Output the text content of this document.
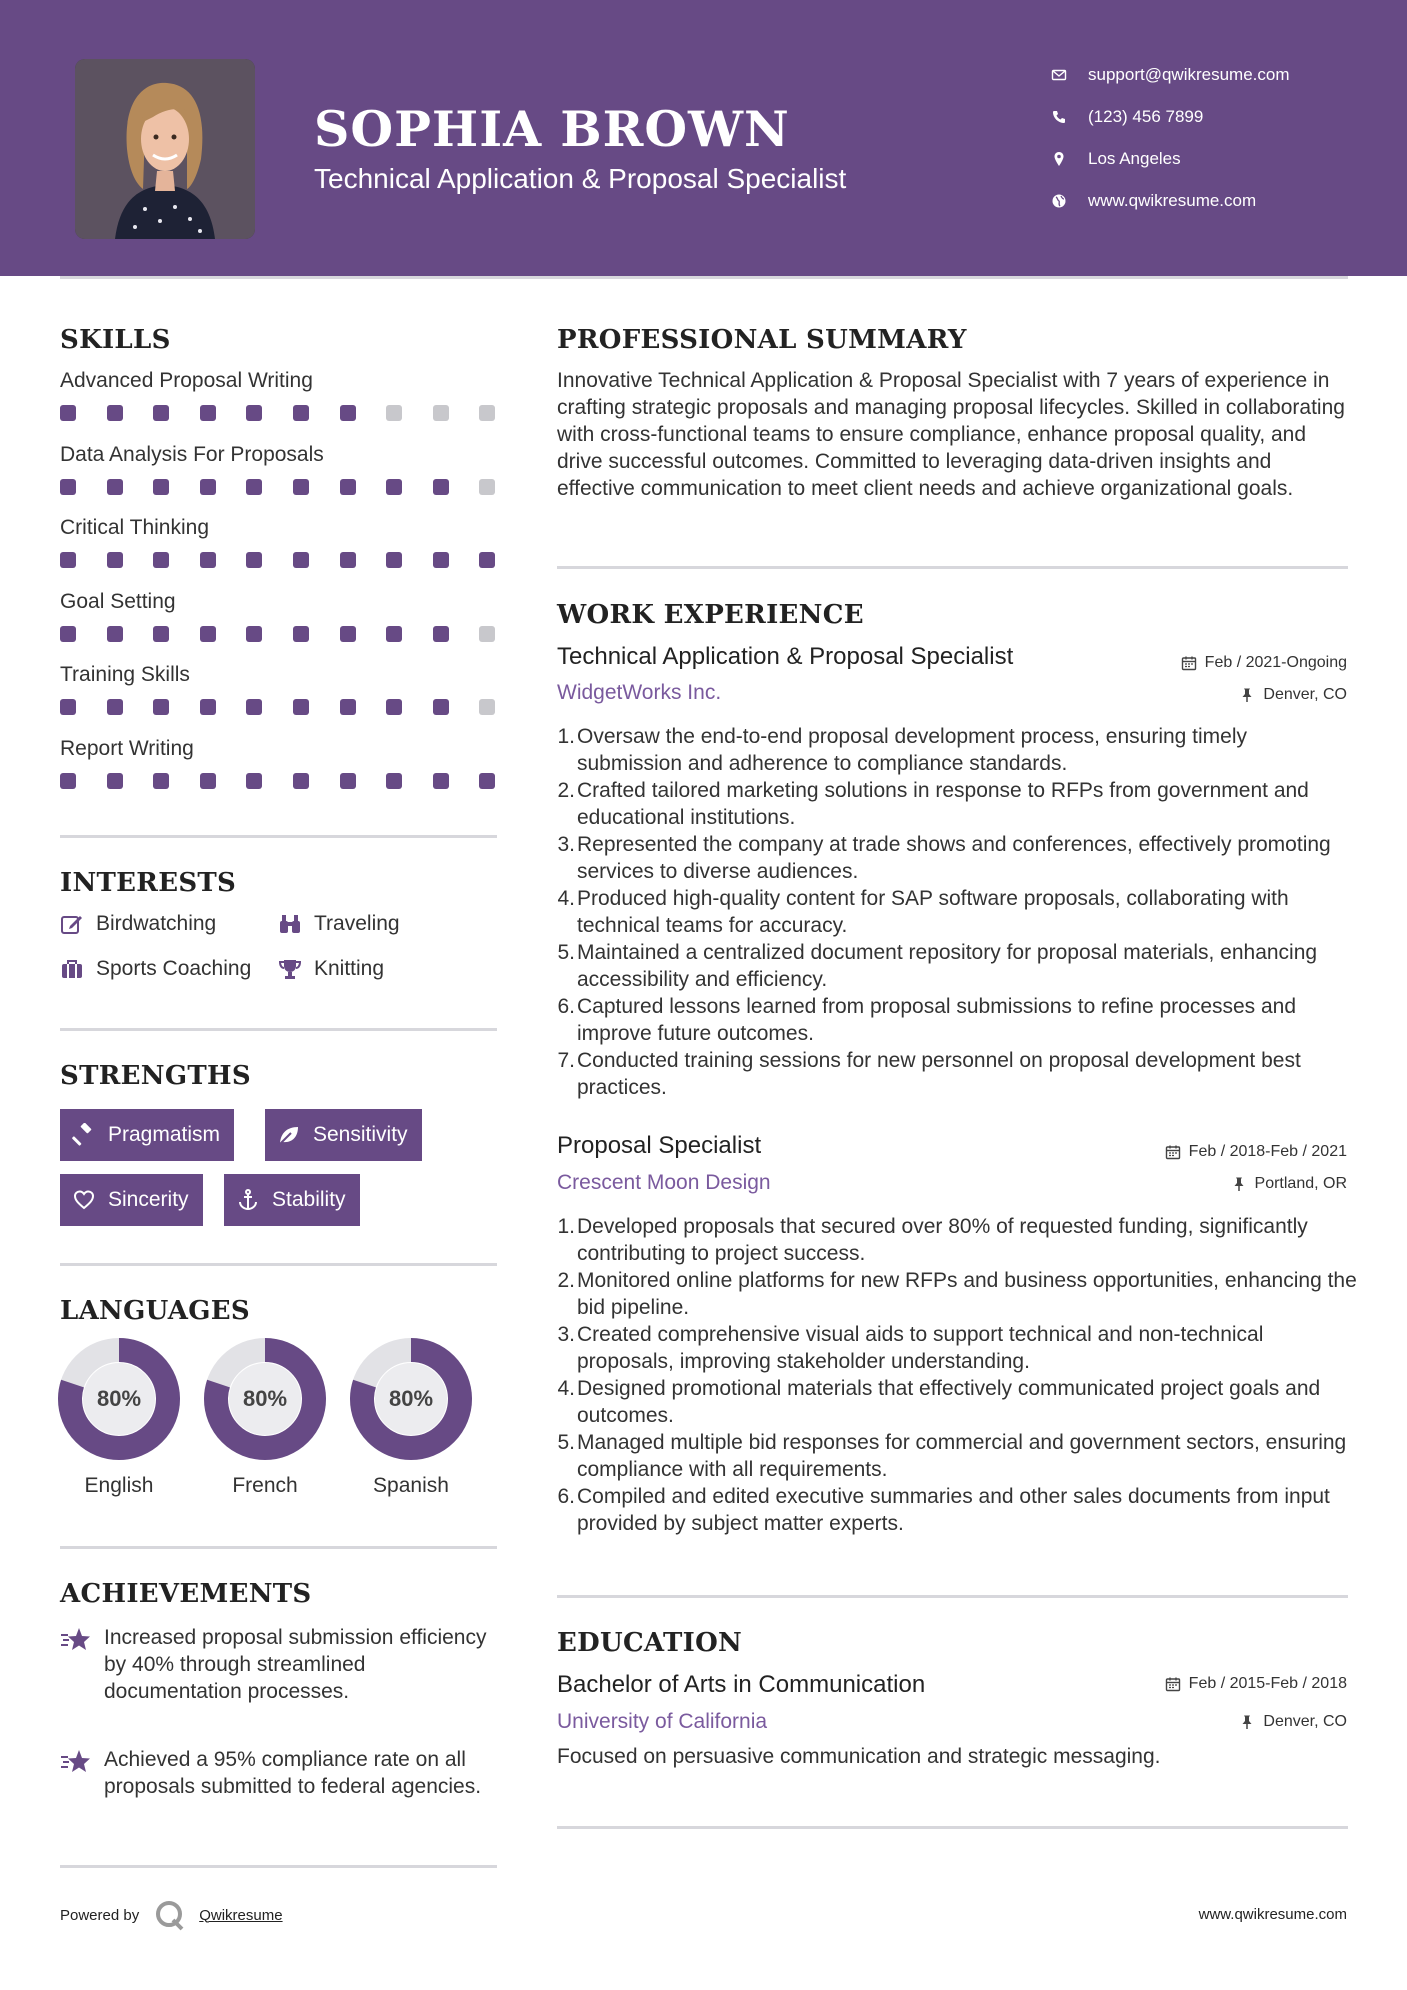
SOPHIA BROWN
Technical Application & Proposal Specialist
support@qwikresume.com
(123) 456 7899
Los Angeles
www.qwikresume.com
SKILLS
Advanced Proposal Writing
Data Analysis For Proposals
Critical Thinking
Goal Setting
Training Skills
Report Writing
INTERESTS
Birdwatching	Traveling
Sports Coaching	Knitting
STRENGTHS
Pragmatism	Sensitivity
Sincerity	Stability
LANGUAGES
80%
English
80%
French
80%
Spanish
ACHIEVEMENTS
Increased proposal submission efficiency by 40% through streamlined documentation processes.
Achieved a 95% compliance rate on all proposals submitted to federal agencies.
PROFESSIONAL SUMMARY
Innovative Technical Application & Proposal Specialist with 7 years of experience in crafting strategic proposals and managing proposal lifecycles. Skilled in collaborating with cross-functional teams to ensure compliance, enhance proposal quality, and drive successful outcomes. Committed to leveraging data-driven insights and effective communication to meet client needs and achieve organizational goals.
WORK EXPERIENCE
Technical Application & Proposal Specialist	Feb / 2021-Ongoing
WidgetWorks Inc.	Denver, CO
1. Oversaw the end-to-end proposal development process, ensuring timely submission and adherence to compliance standards.
2. Crafted tailored marketing solutions in response to RFPs from government and educational institutions.
3. Represented the company at trade shows and conferences, effectively promoting services to diverse audiences.
4. Produced high-quality content for SAP software proposals, collaborating with technical teams for accuracy.
5. Maintained a centralized document repository for proposal materials, enhancing accessibility and efficiency.
6. Captured lessons learned from proposal submissions to refine processes and improve future outcomes.
7. Conducted training sessions for new personnel on proposal development best practices.
Proposal Specialist	Feb / 2018-Feb / 2021
Crescent Moon Design	Portland, OR
1. Developed proposals that secured over 80% of requested funding, significantly contributing to project success.
2. Monitored online platforms for new RFPs and business opportunities, enhancing the bid pipeline.
3. Created comprehensive visual aids to support technical and non-technical proposals, improving stakeholder understanding.
4. Designed promotional materials that effectively communicated project goals and outcomes.
5. Managed multiple bid responses for commercial and government sectors, ensuring compliance with all requirements.
6. Compiled and edited executive summaries and other sales documents from input provided by subject matter experts.
EDUCATION
Bachelor of Arts in Communication	Feb / 2015-Feb / 2018
University of California	Denver, CO
Focused on persuasive communication and strategic messaging.
Powered by	Qwikresume	www.qwikresume.com
